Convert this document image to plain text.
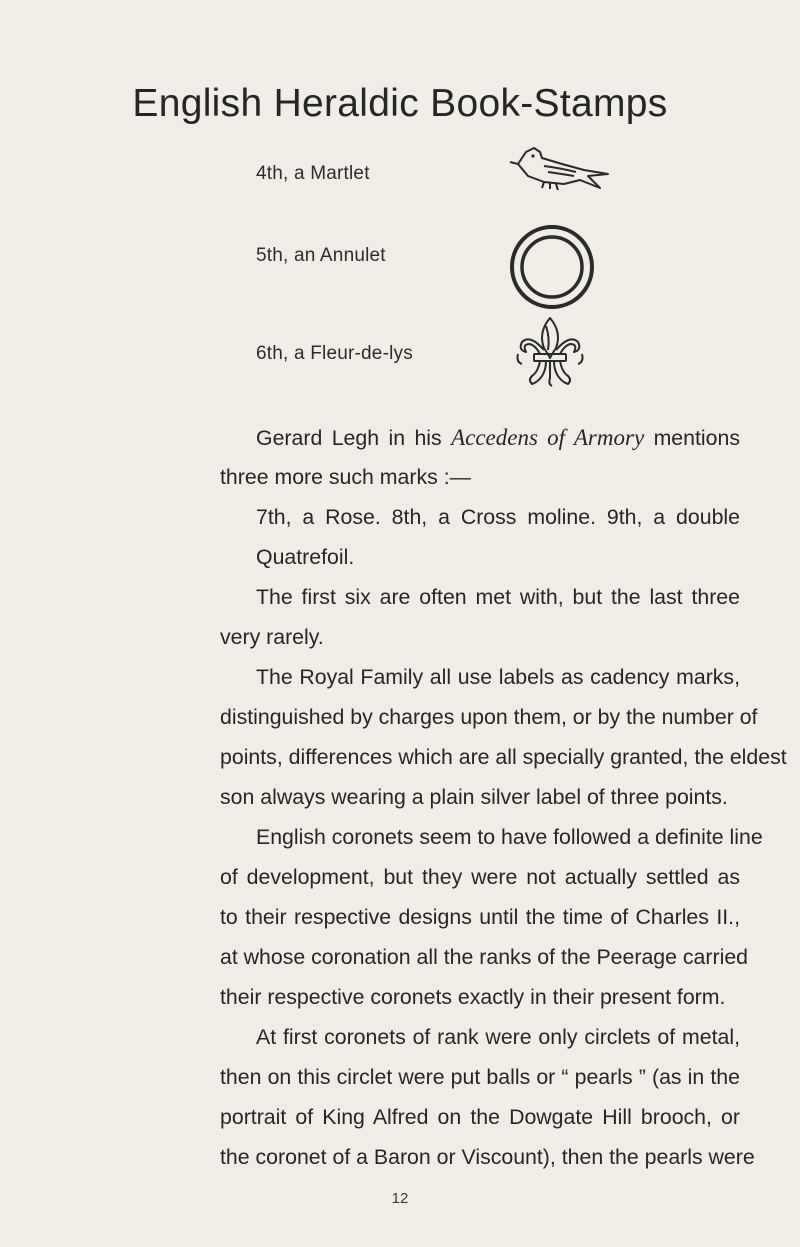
English Heraldic Book-Stamps
4th, a Martlet
5th, an Annulet
6th, a Fleur-de-lys
Gerard Legh in his Accedens of Armory mentions
three more such marks :—
7th, a Rose. 8th, a Cross moline. 9th, a double
Quatrefoil.
The first six are often met with, but the last three
very rarely.
The Royal Family all use labels as cadency marks,
distinguished by charges upon them, or by the number of
points, differences which are all specially granted, the eldest
son always wearing a plain silver label of three points.
English coronets seem to have followed a definite line
of development, but they were not actually settled as
to their respective designs until the time of Charles II.,
at whose coronation all the ranks of the Peerage carried
their respective coronets exactly in their present form.
At first coronets of rank were only circlets of metal,
then on this circlet were put balls or “ pearls ” (as in the
portrait of King Alfred on the Dowgate Hill brooch, or
the coronet of a Baron or Viscount), then the pearls were
12
